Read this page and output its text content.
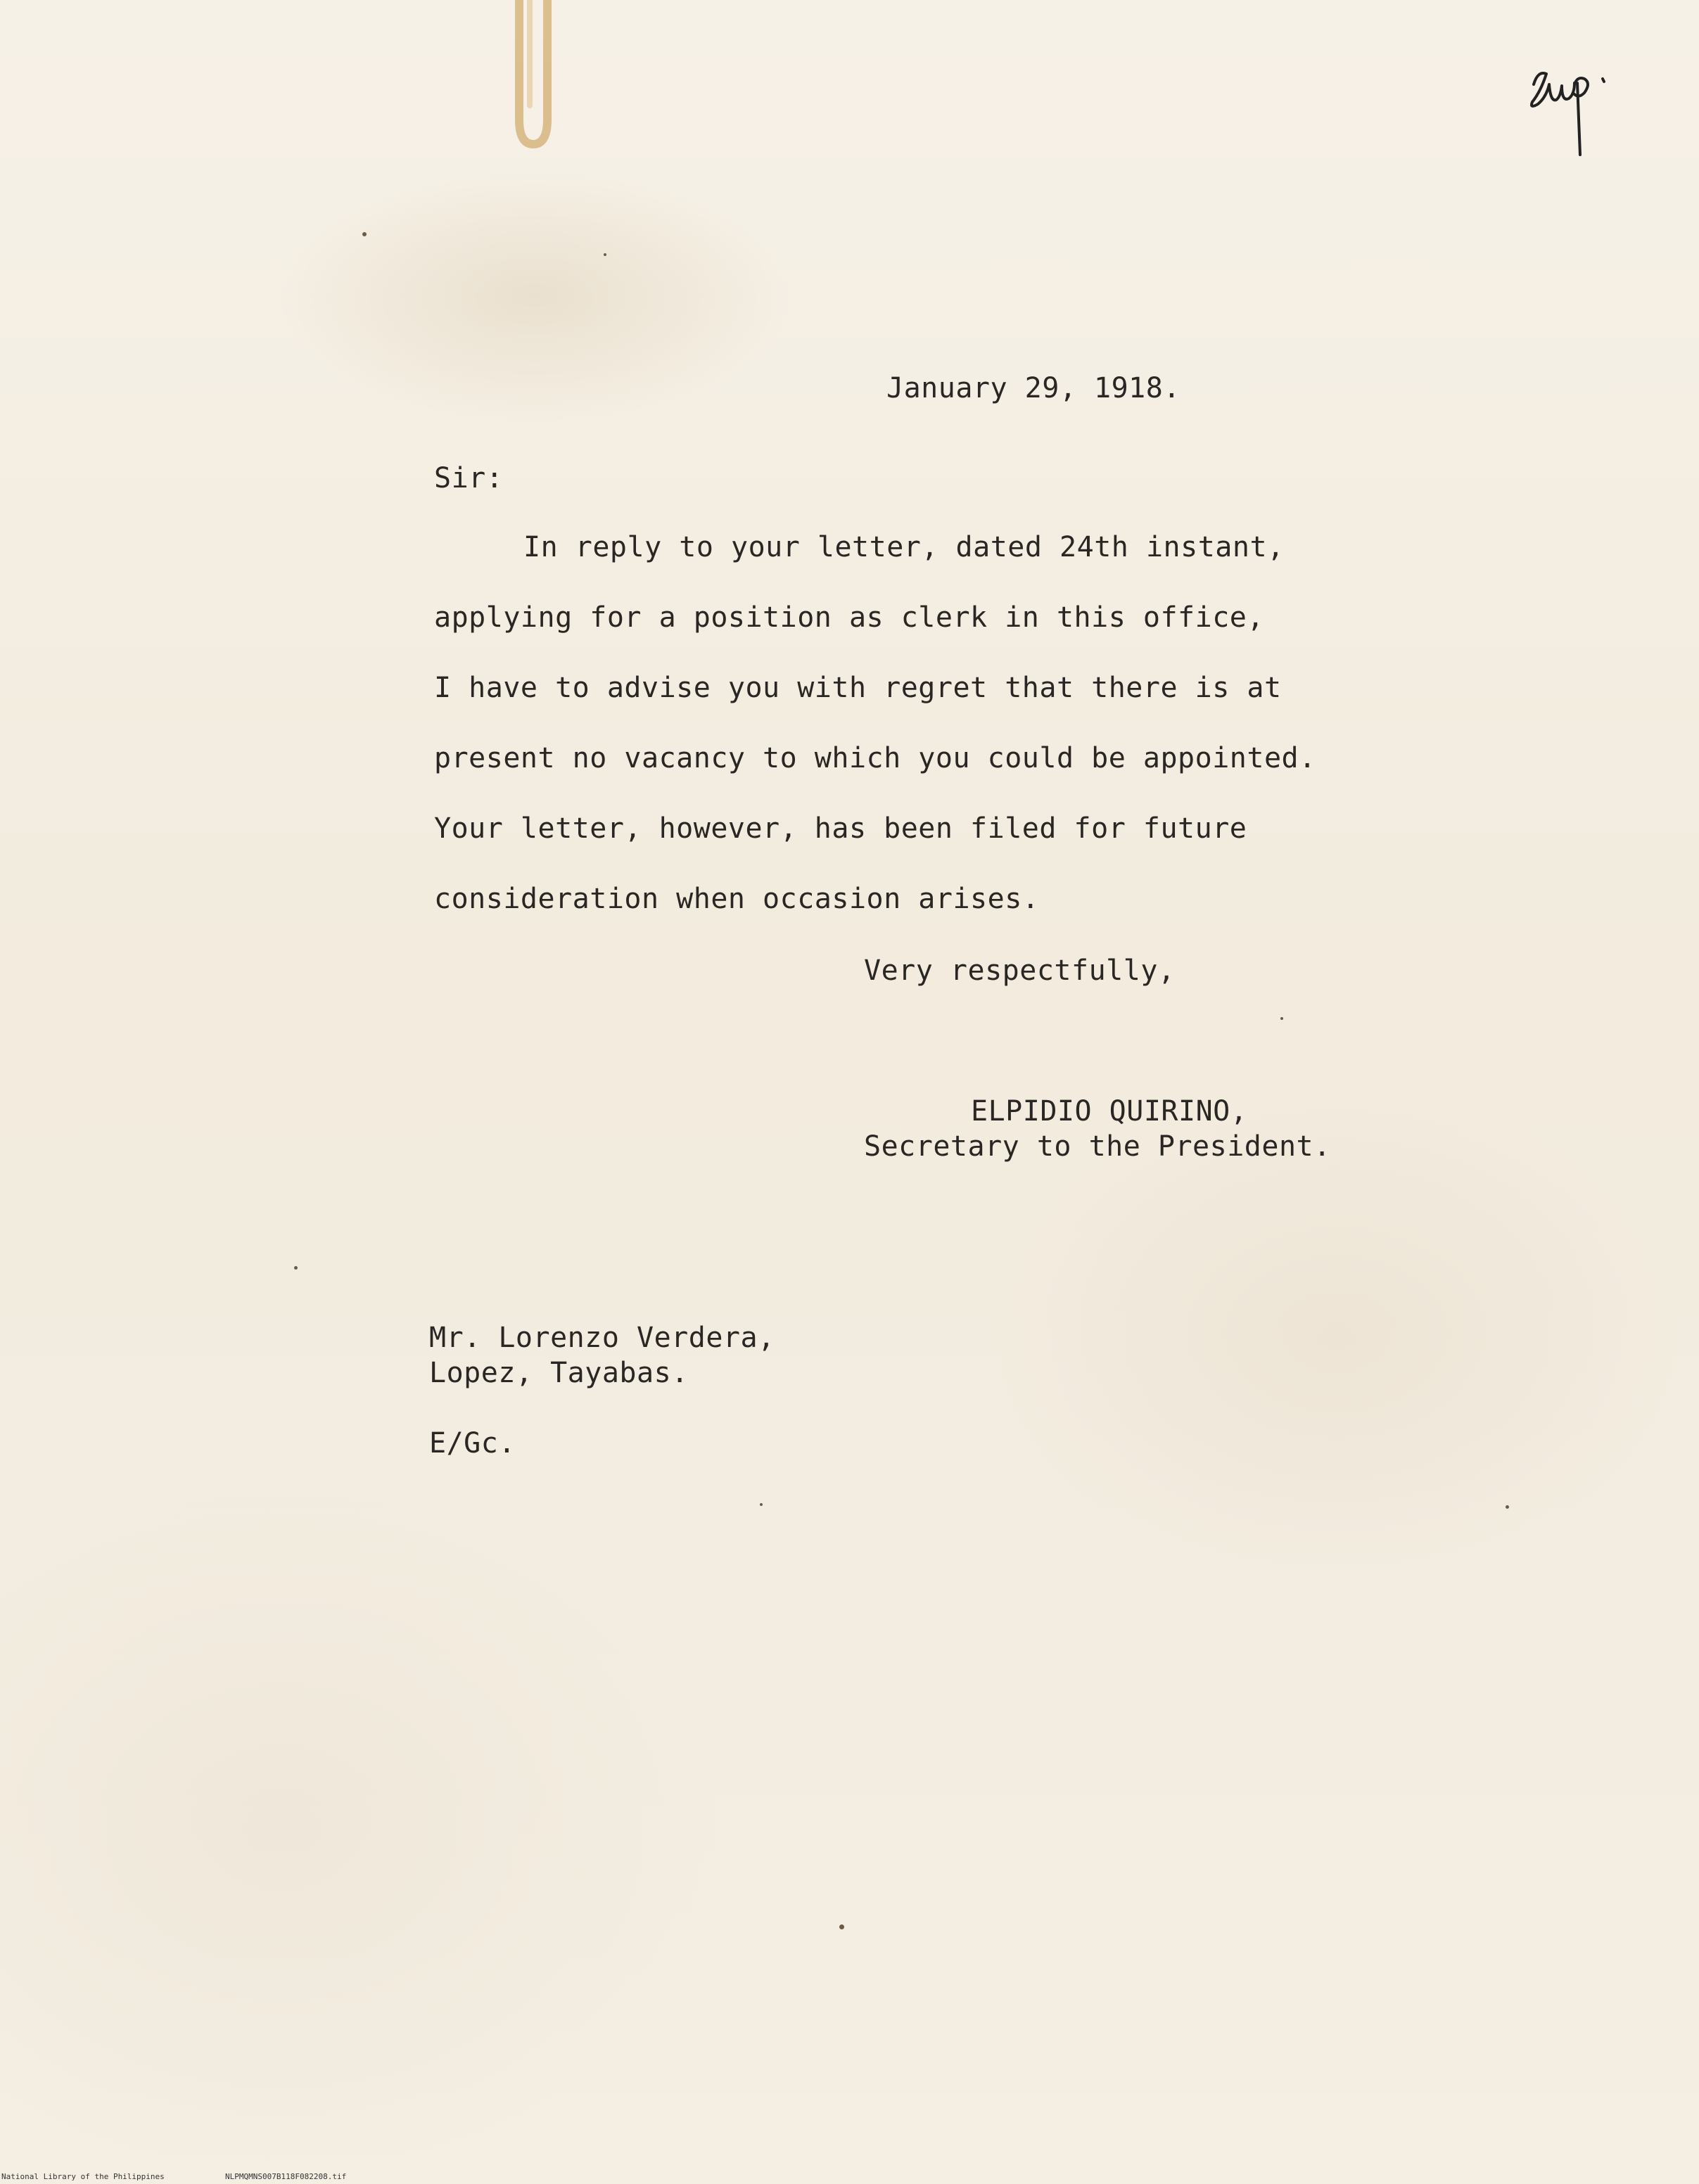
January 29, 1918.
Sir:
In reply to your letter, dated 24th instant,
applying for a position as clerk in this office,
I have to advise you with regret that there is at
present no vacancy to which you could be appointed.
Your letter, however, has been filed for future
consideration when occasion arises.
Very respectfully,
ELPIDIO QUIRINO,
Secretary to the President.
Mr. Lorenzo Verdera,
Lopez, Tayabas.
E/Gc.
National Library of the Philippines	NLPMQMNS007B118F082208.tif
